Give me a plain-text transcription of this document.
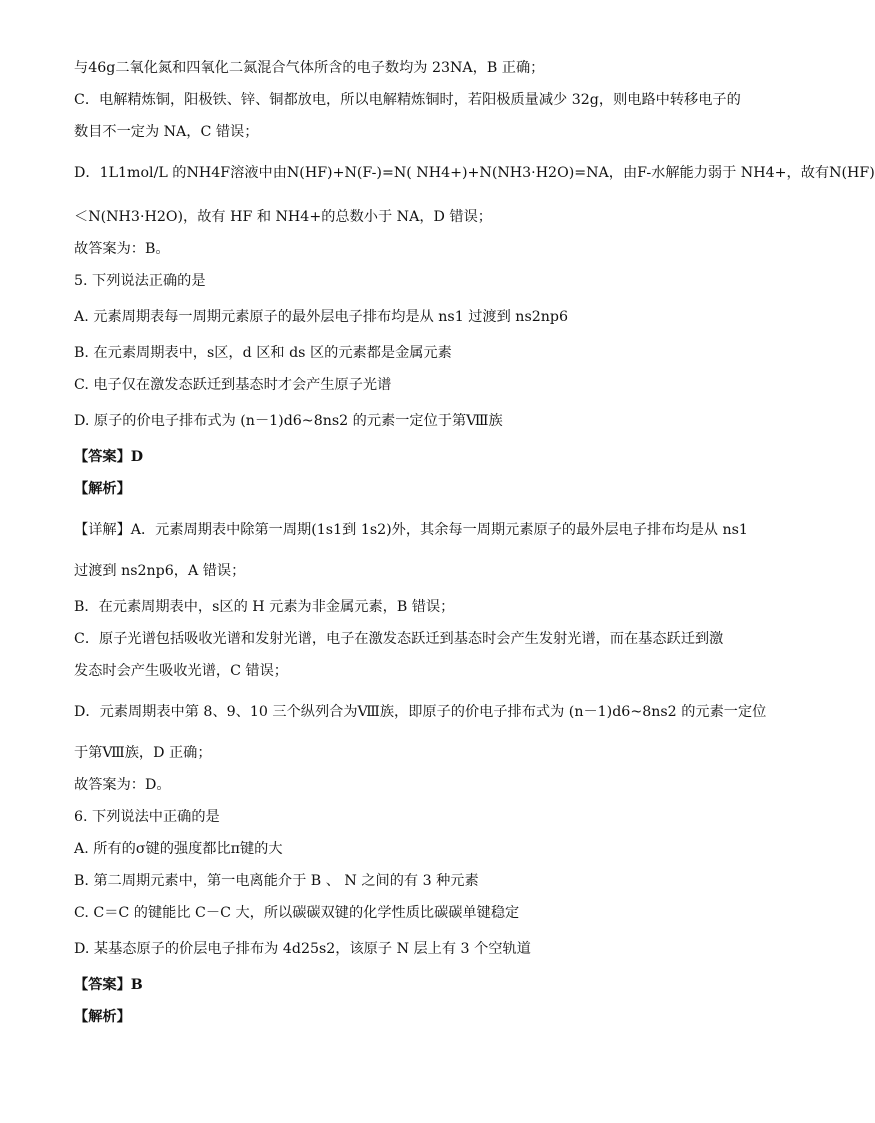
与46g二氧化氮和四氧化二氮混合气体所含的电子数均为 23NA，B 正确；

C．电解精炼铜，阳极铁、锌、铜都放电，所以电解精炼铜时，若阳极质量减少 32g，则电路中转移电子的

数目不一定为 NA，C 错误；

D．1L1mol/L 的NH4F溶液中由N(HF)+N(F-)=N( NH4+)+N(NH3·H2O)=NA，由F-水解能力弱于 NH4+，故有N(HF)

＜N(NH3·H2O)，故有 HF 和 NH4+的总数小于 NA，D 错误；

故答案为：B。

5. 下列说法正确的是

A. 元素周期表每一周期元素原子的最外层电子排布均是从 ns1 过渡到 ns2np6

B. 在元素周期表中，s区，d 区和 ds 区的元素都是金属元素

C. 电子仅在激发态跃迁到基态时才会产生原子光谱

D. 原子的价电子排布式为 (n－1)d6~8ns2 的元素一定位于第Ⅷ族

【答案】D

【解析】

【详解】A．元素周期表中除第一周期(1s1到 1s2)外，其余每一周期元素原子的最外层电子排布均是从 ns1

过渡到 ns2np6，A 错误；

B．在元素周期表中，s区的 H 元素为非金属元素，B 错误；

C．原子光谱包括吸收光谱和发射光谱，电子在激发态跃迁到基态时会产生发射光谱，而在基态跃迁到激

发态时会产生吸收光谱，C 错误；

D．元素周期表中第 8、9、10 三个纵列合为Ⅷ族，即原子的价电子排布式为 (n－1)d6~8ns2 的元素一定位

于第Ⅷ族，D 正确；

故答案为：D。

6. 下列说法中正确的是

A. 所有的σ键的强度都比π键的大

B. 第二周期元素中，第一电离能介于 B 、 N 之间的有 3 种元素

C. C＝C 的键能比 C－C 大，所以碳碳双键的化学性质比碳碳单键稳定

D. 某基态原子的价层电子排布为 4d25s2，该原子 N 层上有 3 个空轨道

【答案】B

【解析】
